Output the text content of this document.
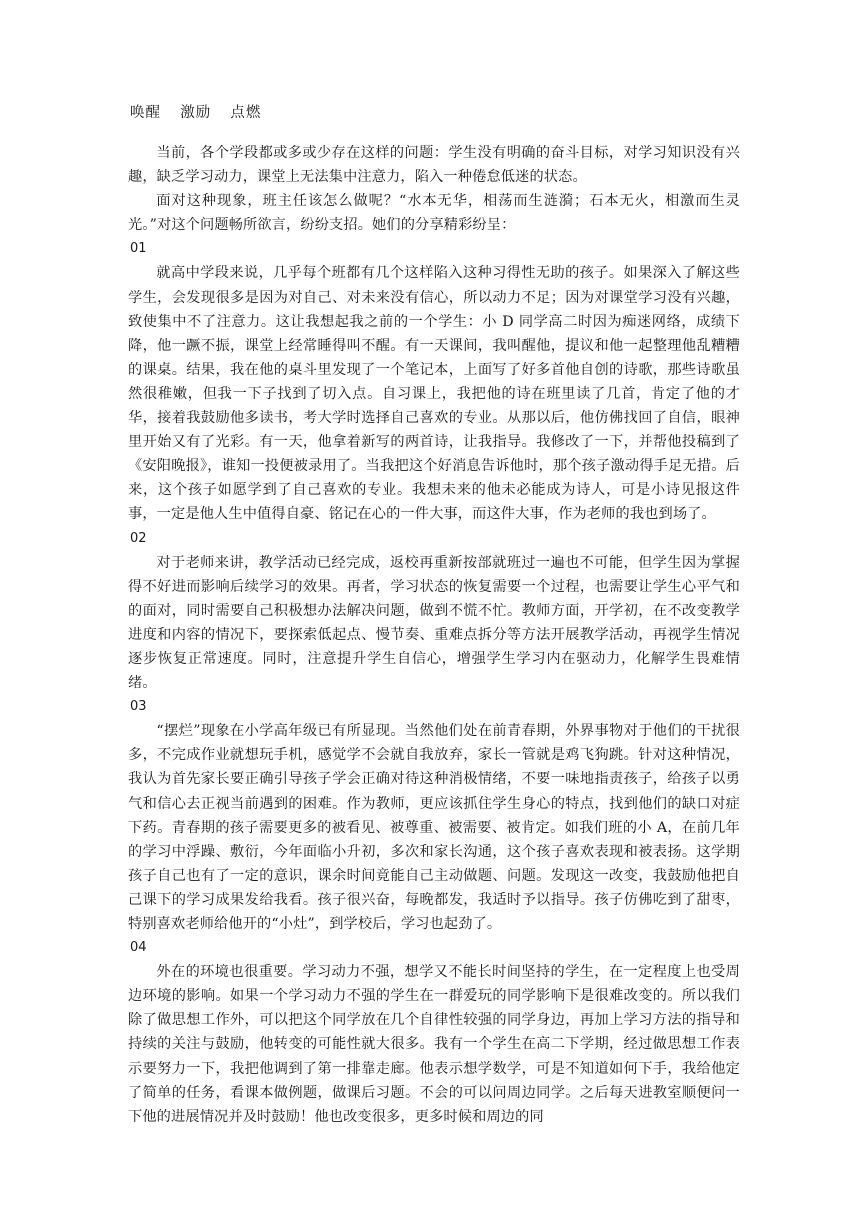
唤醒  激励  点燃

当前，各个学段都或多或少存在这样的问题：学生没有明确的奋斗目标，对学习知识没有兴趣，缺乏学习动力，课堂上无法集中注意力，陷入一种倦怠低迷的状态。

面对这种现象，班主任该怎么做呢？“水本无华，相荡而生涟漪；石本无火，相激而生灵光。”对这个问题畅所欲言，纷纷支招。她们的分享精彩纷呈：

01

就高中学段来说，几乎每个班都有几个这样陷入这种习得性无助的孩子。如果深入了解这些学生，会发现很多是因为对自己、对未来没有信心，所以动力不足；因为对课堂学习没有兴趣，致使集中不了注意力。这让我想起我之前的一个学生：小 D 同学高二时因为痴迷网络，成绩下降，他一蹶不振，课堂上经常睡得叫不醒。有一天课间，我叫醒他，提议和他一起整理他乱糟糟的课桌。结果，我在他的桌斗里发现了一个笔记本，上面写了好多首他自创的诗歌，那些诗歌虽然很稚嫩，但我一下子找到了切入点。自习课上，我把他的诗在班里读了几首，肯定了他的才华，接着我鼓励他多读书，考大学时选择自己喜欢的专业。从那以后，他仿佛找回了自信，眼神里开始又有了光彩。有一天，他拿着新写的两首诗，让我指导。我修改了一下，并帮他投稿到了《安阳晚报》，谁知一投便被录用了。当我把这个好消息告诉他时，那个孩子激动得手足无措。后来，这个孩子如愿学到了自己喜欢的专业。我想未来的他未必能成为诗人，可是小诗见报这件事，一定是他人生中值得自豪、铭记在心的一件大事，而这件大事，作为老师的我也到场了。

02

对于老师来讲，教学活动已经完成，返校再重新按部就班过一遍也不可能，但学生因为掌握得不好进而影响后续学习的效果。再者，学习状态的恢复需要一个过程，也需要让学生心平气和的面对，同时需要自己积极想办法解决问题，做到不慌不忙。教师方面，开学初，在不改变教学进度和内容的情况下，要探索低起点、慢节奏、重难点拆分等方法开展教学活动，再视学生情况逐步恢复正常速度。同时，注意提升学生自信心，增强学生学习内在驱动力，化解学生畏难情绪。

03

“摆烂”现象在小学高年级已有所显现。当然他们处在前青春期，外界事物对于他们的干扰很多，不完成作业就想玩手机，感觉学不会就自我放弃，家长一管就是鸡飞狗跳。针对这种情况，我认为首先家长要正确引导孩子学会正确对待这种消极情绪，不要一味地指责孩子，给孩子以勇气和信心去正视当前遇到的困难。作为教师，更应该抓住学生身心的特点，找到他们的缺口对症下药。青春期的孩子需要更多的被看见、被尊重、被需要、被肯定。如我们班的小 A，在前几年的学习中浮躁、敷衍，今年面临小升初，多次和家长沟通，这个孩子喜欢表现和被表扬。这学期孩子自己也有了一定的意识，课余时间竟能自己主动做题、问题。发现这一改变，我鼓励他把自己课下的学习成果发给我看。孩子很兴奋，每晚都发，我适时予以指导。孩子仿佛吃到了甜枣，特别喜欢老师给他开的“小灶”，到学校后，学习也起劲了。

04

外在的环境也很重要。学习动力不强，想学又不能长时间坚持的学生，在一定程度上也受周边环境的影响。如果一个学习动力不强的学生在一群爱玩的同学影响下是很难改变的。所以我们除了做思想工作外，可以把这个同学放在几个自律性较强的同学身边，再加上学习方法的指导和持续的关注与鼓励，他转变的可能性就大很多。我有一个学生在高二下学期，经过做思想工作表示要努力一下，我把他调到了第一排靠走廊。他表示想学数学，可是不知道如何下手，我给他定了简单的任务，看课本做例题，做课后习题。不会的可以问周边同学。之后每天进教室顺便问一下他的进展情况并及时鼓励！他也改变很多，更多时候和周边的同
